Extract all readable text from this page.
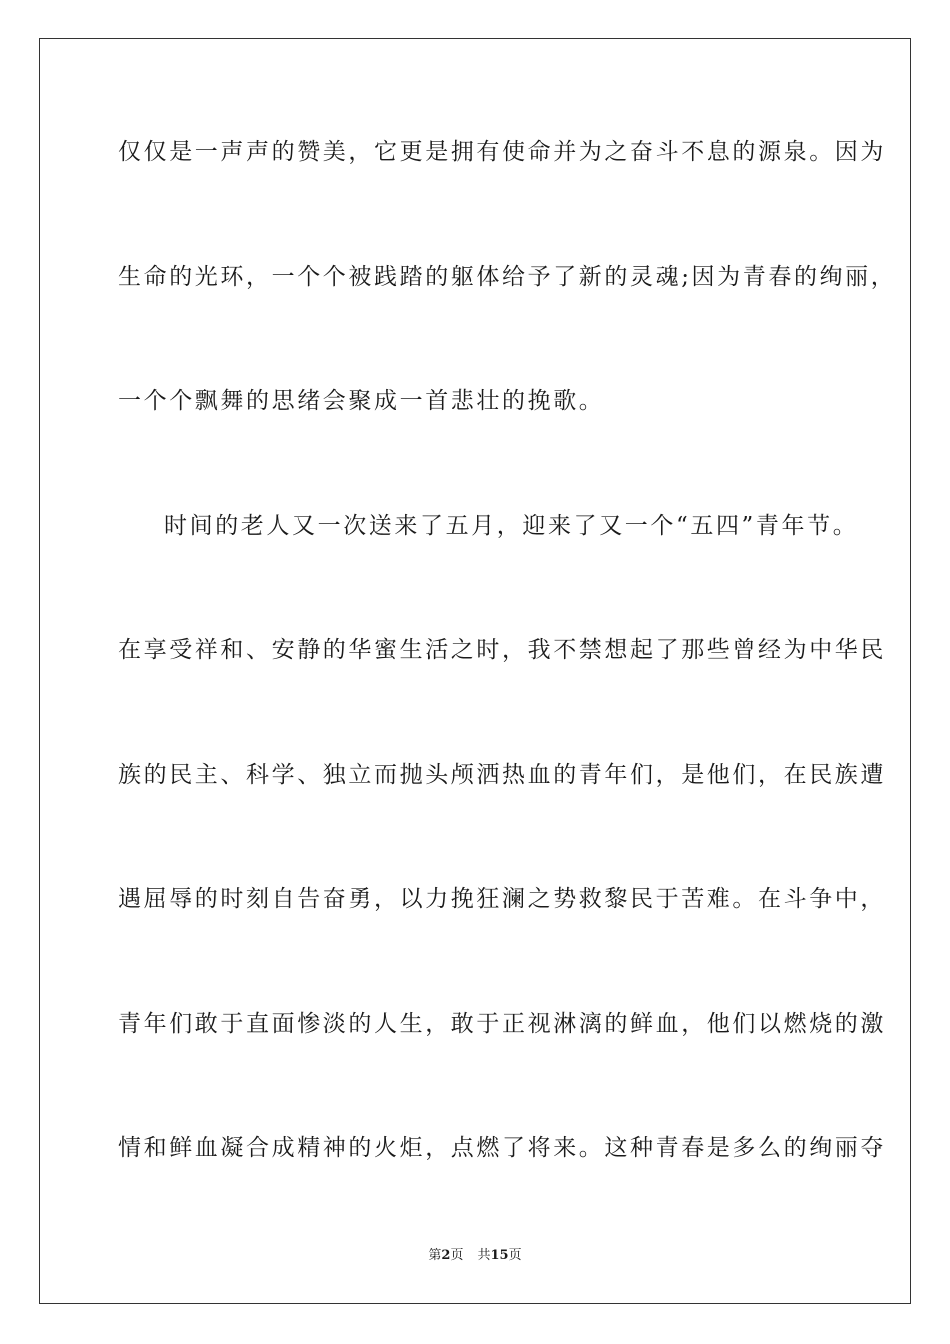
仅仅是一声声的赞美，它更是拥有使命并为之奋斗不息的源泉。因为
生命的光环，一个个被践踏的躯体给予了新的灵魂;因为青春的绚丽，
一个个飘舞的思绪会聚成一首悲壮的挽歌。
时间的老人又一次送来了五月，迎来了又一个“五四”青年节。
在享受祥和、安静的华蜜生活之时，我不禁想起了那些曾经为中华民
族的民主、科学、独立而抛头颅洒热血的青年们，是他们，在民族遭
遇屈辱的时刻自告奋勇，以力挽狂澜之势救黎民于苦难。在斗争中，
青年们敢于直面惨淡的人生，敢于正视淋漓的鲜血，他们以燃烧的激
情和鲜血凝合成精神的火炬，点燃了将来。这种青春是多么的绚丽夺
第2页 共15页
